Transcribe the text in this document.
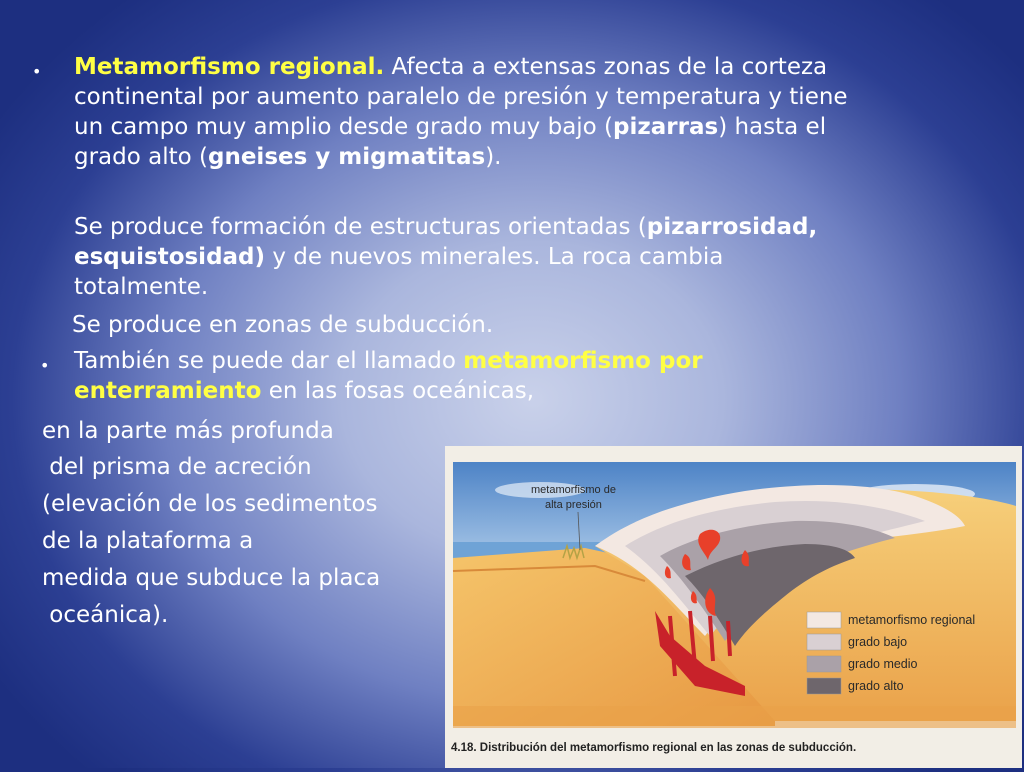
• Metamorfismo regional. Afecta a extensas zonas de la corteza continental por aumento paralelo de presión y temperatura y tiene un campo muy amplio desde grado muy bajo (pizarras) hasta el grado alto (gneises y migmatitas).

Se produce formación de estructuras orientadas (pizarrosidad, esquistosidad) y de nuevos minerales. La roca cambia totalmente.

Se produce en zonas de subducción.

• También se puede dar el llamado metamorfismo por enterramiento en las fosas oceánicas,

en la parte más profunda
del prisma de acreción
(elevación de los sedimentos
de la plataforma a
medida que subduce la placa
oceánica).
metamorfismo de
alta presión
metamorfismo regional
grado bajo
grado medio
grado alto
4.18. Distribución del metamorfismo regional en las zonas de subducción.
